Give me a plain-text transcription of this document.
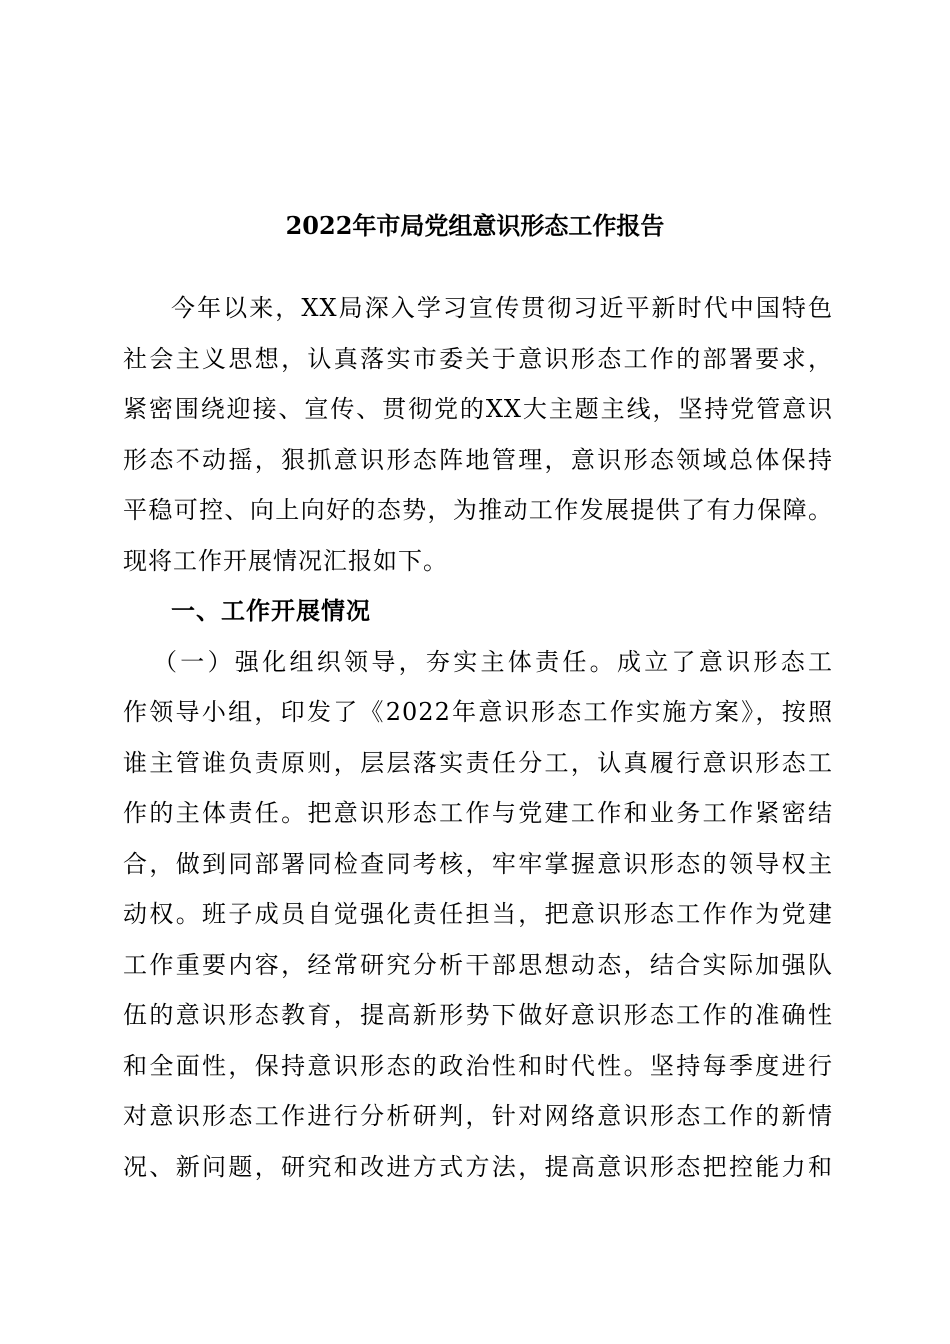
2022年市局党组意识形态工作报告
今年以来，XX局深入学习宣传贯彻习近平新时代中国特色
社会主义思想，认真落实市委关于意识形态工作的部署要求，
紧密围绕迎接、宣传、贯彻党的XX大主题主线，坚持党管意识
形态不动摇，狠抓意识形态阵地管理，意识形态领域总体保持
平稳可控、向上向好的态势，为推动工作发展提供了有力保障。
现将工作开展情况汇报如下。
一、工作开展情况
（一）强化组织领导，夯实主体责任。成立了意识形态工
作领导小组，印发了《2022年意识形态工作实施方案》，按照
谁主管谁负责原则，层层落实责任分工，认真履行意识形态工
作的主体责任。把意识形态工作与党建工作和业务工作紧密结
合，做到同部署同检查同考核，牢牢掌握意识形态的领导权主
动权。班子成员自觉强化责任担当，把意识形态工作作为党建
工作重要内容，经常研究分析干部思想动态，结合实际加强队
伍的意识形态教育，提高新形势下做好意识形态工作的准确性
和全面性，保持意识形态的政治性和时代性。坚持每季度进行
对意识形态工作进行分析研判，针对网络意识形态工作的新情
况、新问题，研究和改进方式方法，提高意识形态把控能力和
